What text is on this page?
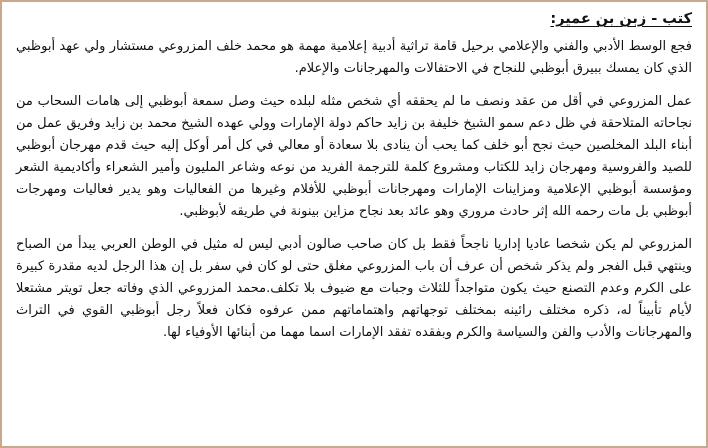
كتب - زبن بن عمير:

فجع الوسط الأدبي والفني والإعلامي برحيل قامة تراثية أدبية إعلامية مهمة هو محمد خلف المزروعي مستشار ولي عهد أبوظبي الذي كان يمسك ببيرق أبوظبي للنجاح في الاحتفالات والمهرجانات والإعلام.

عمل المزروعي في أقل من عقد ونصف ما لم يحققه أي شخص مثله لبلده حيث وصل سمعة أبوظبي إلى هامات السحاب من نجاحاته المتلاحقة في ظل دعم سمو الشيخ خليفة بن زايد حاكم دولة الإمارات وولي عهده الشيخ محمد بن زايد وفريق عمل من أبناء البلد المخلصين حيث نجح أبو خلف كما يحب أن ينادى بلا سعادة أو معالي في كل أمر أوكل إليه حيث قدم مهرجان أبوظبي للصيد والفروسية ومهرجان زايد للكتاب ومشروع كلمة للترجمة الفريد من نوعه وشاعر المليون وأمير الشعراء وأكاديمية الشعر ومؤسسة أبوظبي الإعلامية ومزاينات الإمارات ومهرجانات أبوظبي للأفلام وغيرها من الفعاليات وهو يدير فعاليات ومهرجات أبوظبي بل مات رحمه الله إثر حادث مروري وهو عائد بعد نجاح مزاين بينونة في طريقه لأبوظبي.

المزروعي لم يكن شخصا عاديا إداريا ناجحاً فقط بل كان صاحب صالون أدبي ليس له مثيل في الوطن العربي يبدأ من الصباح وينتهي قبل الفجر ولم يذكر شخص أن عرف أن باب المزروعي مغلق حتى لو كان في سفر بل إن هذا الرجل لديه مقدرة كبيرة على الكرم وعدم التصنع حيث يكون متواجداً للثلاث وجبات مع ضيوف بلا تكلف.محمد المزروعي الذي وفاته جعل تويتر مشتعلا لأيام تأبيناً له، ذكره مختلف رائينه بمختلف توجهاتهم واهتماماتهم ممن عرفوه فكان فعلاً رجل أبوظبي القوي في التراث والمهرجانات والأدب والفن والسياسة والكرم وبفقده تفقد الإمارات اسما مهما من أبنائها الأوفياء لها.
